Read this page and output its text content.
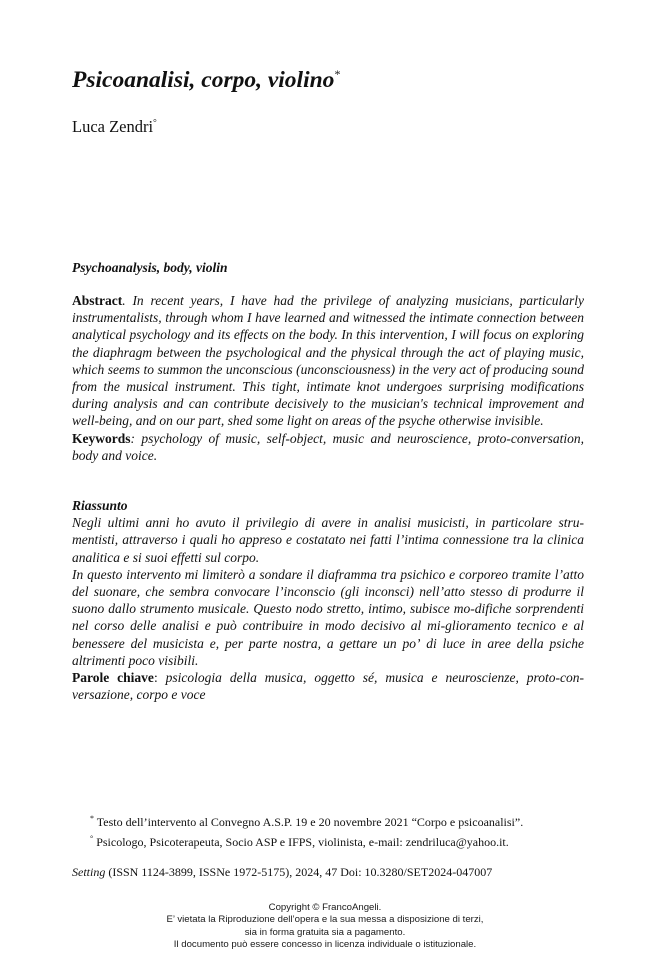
Psicoanalisi, corpo, violino*
Luca Zendri°
Psychoanalysis, body, violin
Abstract. In recent years, I have had the privilege of analyzing musicians, particularly instrumentalists, through whom I have learned and witnessed the intimate connection between analytical psychology and its effects on the body. In this intervention, I will focus on exploring the diaphragm between the psychological and the physical through the act of playing music, which seems to summon the unconscious (unconsciousness) in the very act of producing sound from the musical instrument. This tight, intimate knot undergoes surprising modifications during analysis and can contribute decisively to the musician's technical improvement and well-being, and on our part, shed some light on areas of the psyche otherwise invisible.
Keywords: psychology of music, self-object, music and neuroscience, proto-conversation, body and voice.
Riassunto
Negli ultimi anni ho avuto il privilegio di avere in analisi musicisti, in particolare stru-mentisti, attraverso i quali ho appreso e costatato nei fatti l’intima connessione tra la clinica analitica e si suoi effetti sul corpo.
In questo intervento mi limiterò a sondare il diaframma tra psichico e corporeo tramite l’atto del suonare, che sembra convocare l’inconscio (gli inconsci) nell’atto stesso di produrre il suono dallo strumento musicale. Questo nodo stretto, intimo, subisce mo-difiche sorprendenti nel corso delle analisi e può contribuire in modo decisivo al mi-glioramento tecnico e al benessere del musicista e, per parte nostra, a gettare un po’ di luce in aree della psiche altrimenti poco visibili.
Parole chiave: psicologia della musica, oggetto sé, musica e neuroscienze, proto-con-versazione, corpo e voce
* Testo dell’intervento al Convegno A.S.P. 19 e 20 novembre 2021 “Corpo e psicoanalisi”.
° Psicologo, Psicoterapeuta, Socio ASP e IFPS, violinista, e-mail: zendriluca@yahoo.it.
Setting (ISSN 1124-3899, ISSNe 1972-5175), 2024, 47 Doi: 10.3280/SET2024-047007
Copyright © FrancoAngeli.
E’ vietata la Riproduzione dell’opera e la sua messa a disposizione di terzi,
sia in forma gratuita sia a pagamento.
Il documento può essere concesso in licenza individuale o istituzionale.
